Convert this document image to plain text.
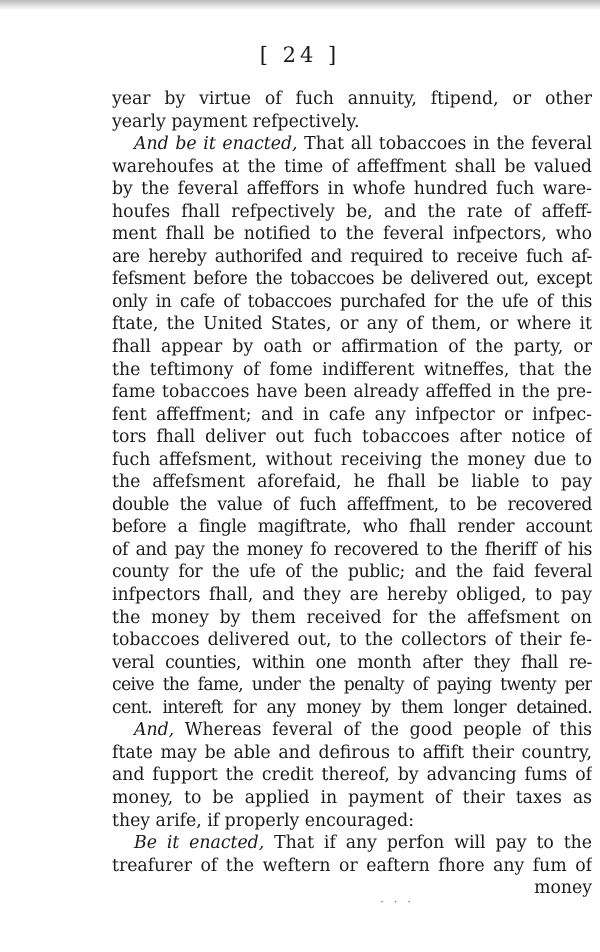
[ 24 ]
year by virtue of fuch annuity, ftipend, or other
yearly payment refpectively.
And be it enacted, That all tobaccoes in the feveral
warehoufes at the time of affeffment shall be valued
by the feveral affeffors in whofe hundred fuch ware-
houfes fhall refpectively be, and the rate of affeff-
ment fhall be notified to the feveral infpectors, who
are hereby authorifed and required to receive fuch af-
fefsment before the tobaccoes be delivered out, except
only in cafe of tobaccoes purchafed for the ufe of this
ftate, the United States, or any of them, or where it
fhall appear by oath or affirmation of the party, or
the teftimony of fome indifferent witneffes, that the
fame tobaccoes have been already affeffed in the pre-
fent affeffment; and in cafe any infpector or infpec-
tors fhall deliver out fuch tobaccoes after notice of
fuch affefsment, without receiving the money due to
the affefsment aforefaid, he fhall be liable to pay
double the value of fuch affeffment, to be recovered
before a fingle magiftrate, who fhall render account
of and pay the money fo recovered to the fheriff of his
county for the ufe of the public; and the faid feveral
infpectors fhall, and they are hereby obliged, to pay
the money by them received for the affefsment on
tobaccoes delivered out, to the collectors of their fe-
veral counties, within one month after they fhall re-
ceive the fame, under the penalty of paying twenty per
cent. intereft for any money by them longer detained.
And, Whereas feveral of the good people of this
ftate may be able and defirous to affift their country,
and fupport the credit thereof, by advancing fums of
money, to be applied in payment of their taxes as
they arife, if properly encouraged:
Be it enacted, That if any perfon will pay to the
treafurer of the weftern or eaftern fhore any fum of
money
· · ·
